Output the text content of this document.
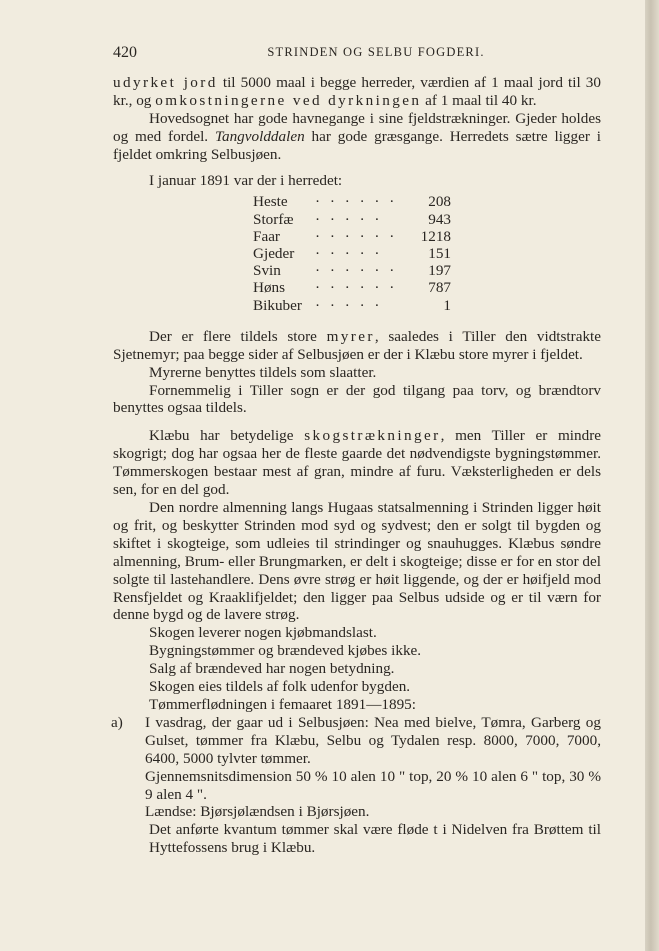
420	STRINDEN OG SELBU FOGDERI.

udyrket jord til 5000 maal i begge herreder, værdien af 1 maal jord til 30 kr., og omkostningerne ved dyrkningen af 1 maal til 40 kr.

Hovedsognet har gode havnegange i sine fjeldstrækninger. Gjeder holdes og med fordel. Tangvolddalen har gode græsgange. Herredets sætre ligger i fjeldet omkring Selbusjøen.

I januar 1891 var der i herredet:

Heste	· · · · · ·	208
Storfæ	· · · · ·	943
Faar	· · · · · ·	1218
Gjeder	· · · · ·	151
Svin	· · · · · ·	197
Høns	· · · · · ·	787
Bikuber	· · · · ·	1

Der er flere tildels store myrer, saaledes i Tiller den vidtstrakte Sjetnemyr; paa begge sider af Selbusjøen er der i Klæbu store myrer i fjeldet.

Myrerne benyttes tildels som slaatter.

Fornemmelig i Tiller sogn er der god tilgang paa torv, og brændtorv benyttes ogsaa tildels.

Klæbu har betydelige skogstrækninger, men Tiller er mindre skogrigt; dog har ogsaa her de fleste gaarde det nødvendigste bygningstømmer. Tømmerskogen bestaar mest af gran, mindre af furu. Væksterligheden er dels sen, for en del god.

Den nordre almenning langs Hugaas statsalmenning i Strinden ligger høit og frit, og beskytter Strinden mod syd og sydvest; den er solgt til bygden og skiftet i skogteige, som udleies til strindinger og snauhugges. Klæbus søndre almenning, Brum- eller Brungmarken, er delt i skogteige; disse er for en stor del solgte til lastehandlere. Dens øvre strøg er høit liggende, og der er høifjeld mod Rensfjeldet og Kraaklifjeldet; den ligger paa Selbus udside og er til værn for denne bygd og de lavere strøg.

Skogen leverer nogen kjøbmandslast.

Bygningstømmer og brændeved kjøbes ikke.

Salg af brændeved har nogen betydning.

Skogen eies tildels af folk udenfor bygden.

Tømmerflødningen i femaaret 1891—1895:

a)	I vasdrag, der gaar ud i Selbusjøen: Nea med bielve, Tømra, Garberg og Gulset, tømmer fra Klæbu, Selbu og Tydalen resp. 8000, 7000, 7000, 6400, 5000 tylvter tømmer.

Gjennemsnitsdimension 50 % 10 alen 10 " top, 20 % 10 alen 6 " top, 30 % 9 alen 4 ".

Lændse: Bjørsjølændsen i Bjørsjøen.

Det anførte kvantum tømmer skal være fløde t i Nidelven fra Brøttem til Hyttefossens brug i Klæbu.
